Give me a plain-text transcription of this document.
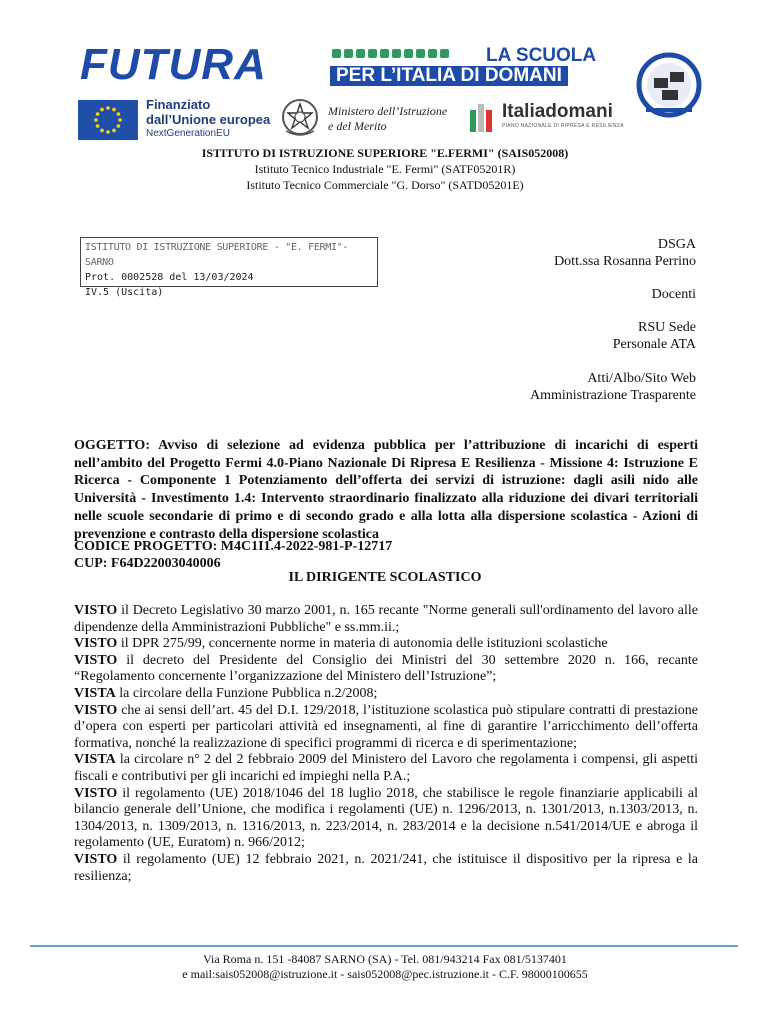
FUTURA	LA SCUOLA
PER L’ITALIA DI DOMANI
Finanziato
dall’Unione europea
NextGenerationEU
Ministero dell’Istruzione
e del Merito
Italiadomani
PIANO NAZIONALE DI RIPRESA E RESILIENZA
ISTITUTO DI ISTRUZIONE SUPERIORE "E.FERMI" (SAIS052008)
Istituto Tecnico Industriale "E. Fermi" (SATF05201R)
Istituto Tecnico Commerciale "G. Dorso" (SATD05201E)
ISTITUTO DI ISTRUZIONE SUPERIORE - "E. FERMI"-SARNO
Prot. 0002528 del 13/03/2024
IV.5 (Uscita)
DSGA
Dott.ssa Rosanna Perrino
Docenti
RSU Sede
Personale ATA
Atti/Albo/Sito Web
Amministrazione Trasparente
OGGETTO: Avviso di selezione ad evidenza pubblica per l’attribuzione di incarichi di esperti nell’ambito del Progetto Fermi 4.0-Piano Nazionale Di Ripresa E Resilienza - Missione 4: Istruzione E Ricerca - Componente 1 Potenziamento dell’offerta dei servizi di istruzione: dagli asili nido alle Università - Investimento 1.4: Intervento straordinario finalizzato alla riduzione dei divari territoriali nelle scuole secondarie di primo e di secondo grado e alla lotta alla dispersione scolastica - Azioni di prevenzione e contrasto della dispersione scolastica
CODICE PROGETTO: M4C1I1.4-2022-981-P-12717
CUP: F64D22003040006
IL DIRIGENTE SCOLASTICO

VISTO il Decreto Legislativo 30 marzo 2001, n. 165 recante "Norme generali sull'ordinamento del lavoro alle dipendenze della Amministrazioni Pubbliche" e ss.mm.ii.;

VISTO il DPR 275/99, concernente norme in materia di autonomia delle istituzioni scolastiche

VISTO il decreto del Presidente del Consiglio dei Ministri del 30 settembre 2020 n. 166, recante “Regolamento concernente l’organizzazione del Ministero dell’Istruzione”;

VISTA la circolare della Funzione Pubblica n.2/2008;

VISTO che ai sensi dell’art. 45 del D.I. 129/2018, l’istituzione scolastica può stipulare contratti di prestazione d’opera con esperti per particolari attività ed insegnamenti, al fine di garantire l’arricchimento dell’offerta formativa, nonché la realizzazione di specifici programmi di ricerca e di sperimentazione;

VISTA la circolare n° 2 del 2 febbraio 2009 del Ministero del Lavoro che regolamenta i compensi, gli aspetti fiscali e contributivi per gli incarichi ed impieghi nella P.A.;

VISTO il regolamento (UE) 2018/1046 del 18 luglio 2018, che stabilisce le regole finanziarie applicabili al bilancio generale dell’Unione, che modifica i regolamenti (UE) n. 1296/2013, n. 1301/2013, n.1303/2013, n. 1304/2013, n. 1309/2013, n. 1316/2013, n. 223/2014, n. 283/2014 e la decisione n.541/2014/UE e abroga il regolamento (UE, Euratom) n. 966/2012;

VISTO il regolamento (UE) 12 febbraio 2021, n. 2021/241, che istituisce il dispositivo per la ripresa e la resilienza;

Via Roma n. 151 -84087 SARNO (SA) - Tel. 081/943214 Fax 081/5137401
e mail:sais052008@istruzione.it - sais052008@pec.istruzione.it - C.F. 98000100655
